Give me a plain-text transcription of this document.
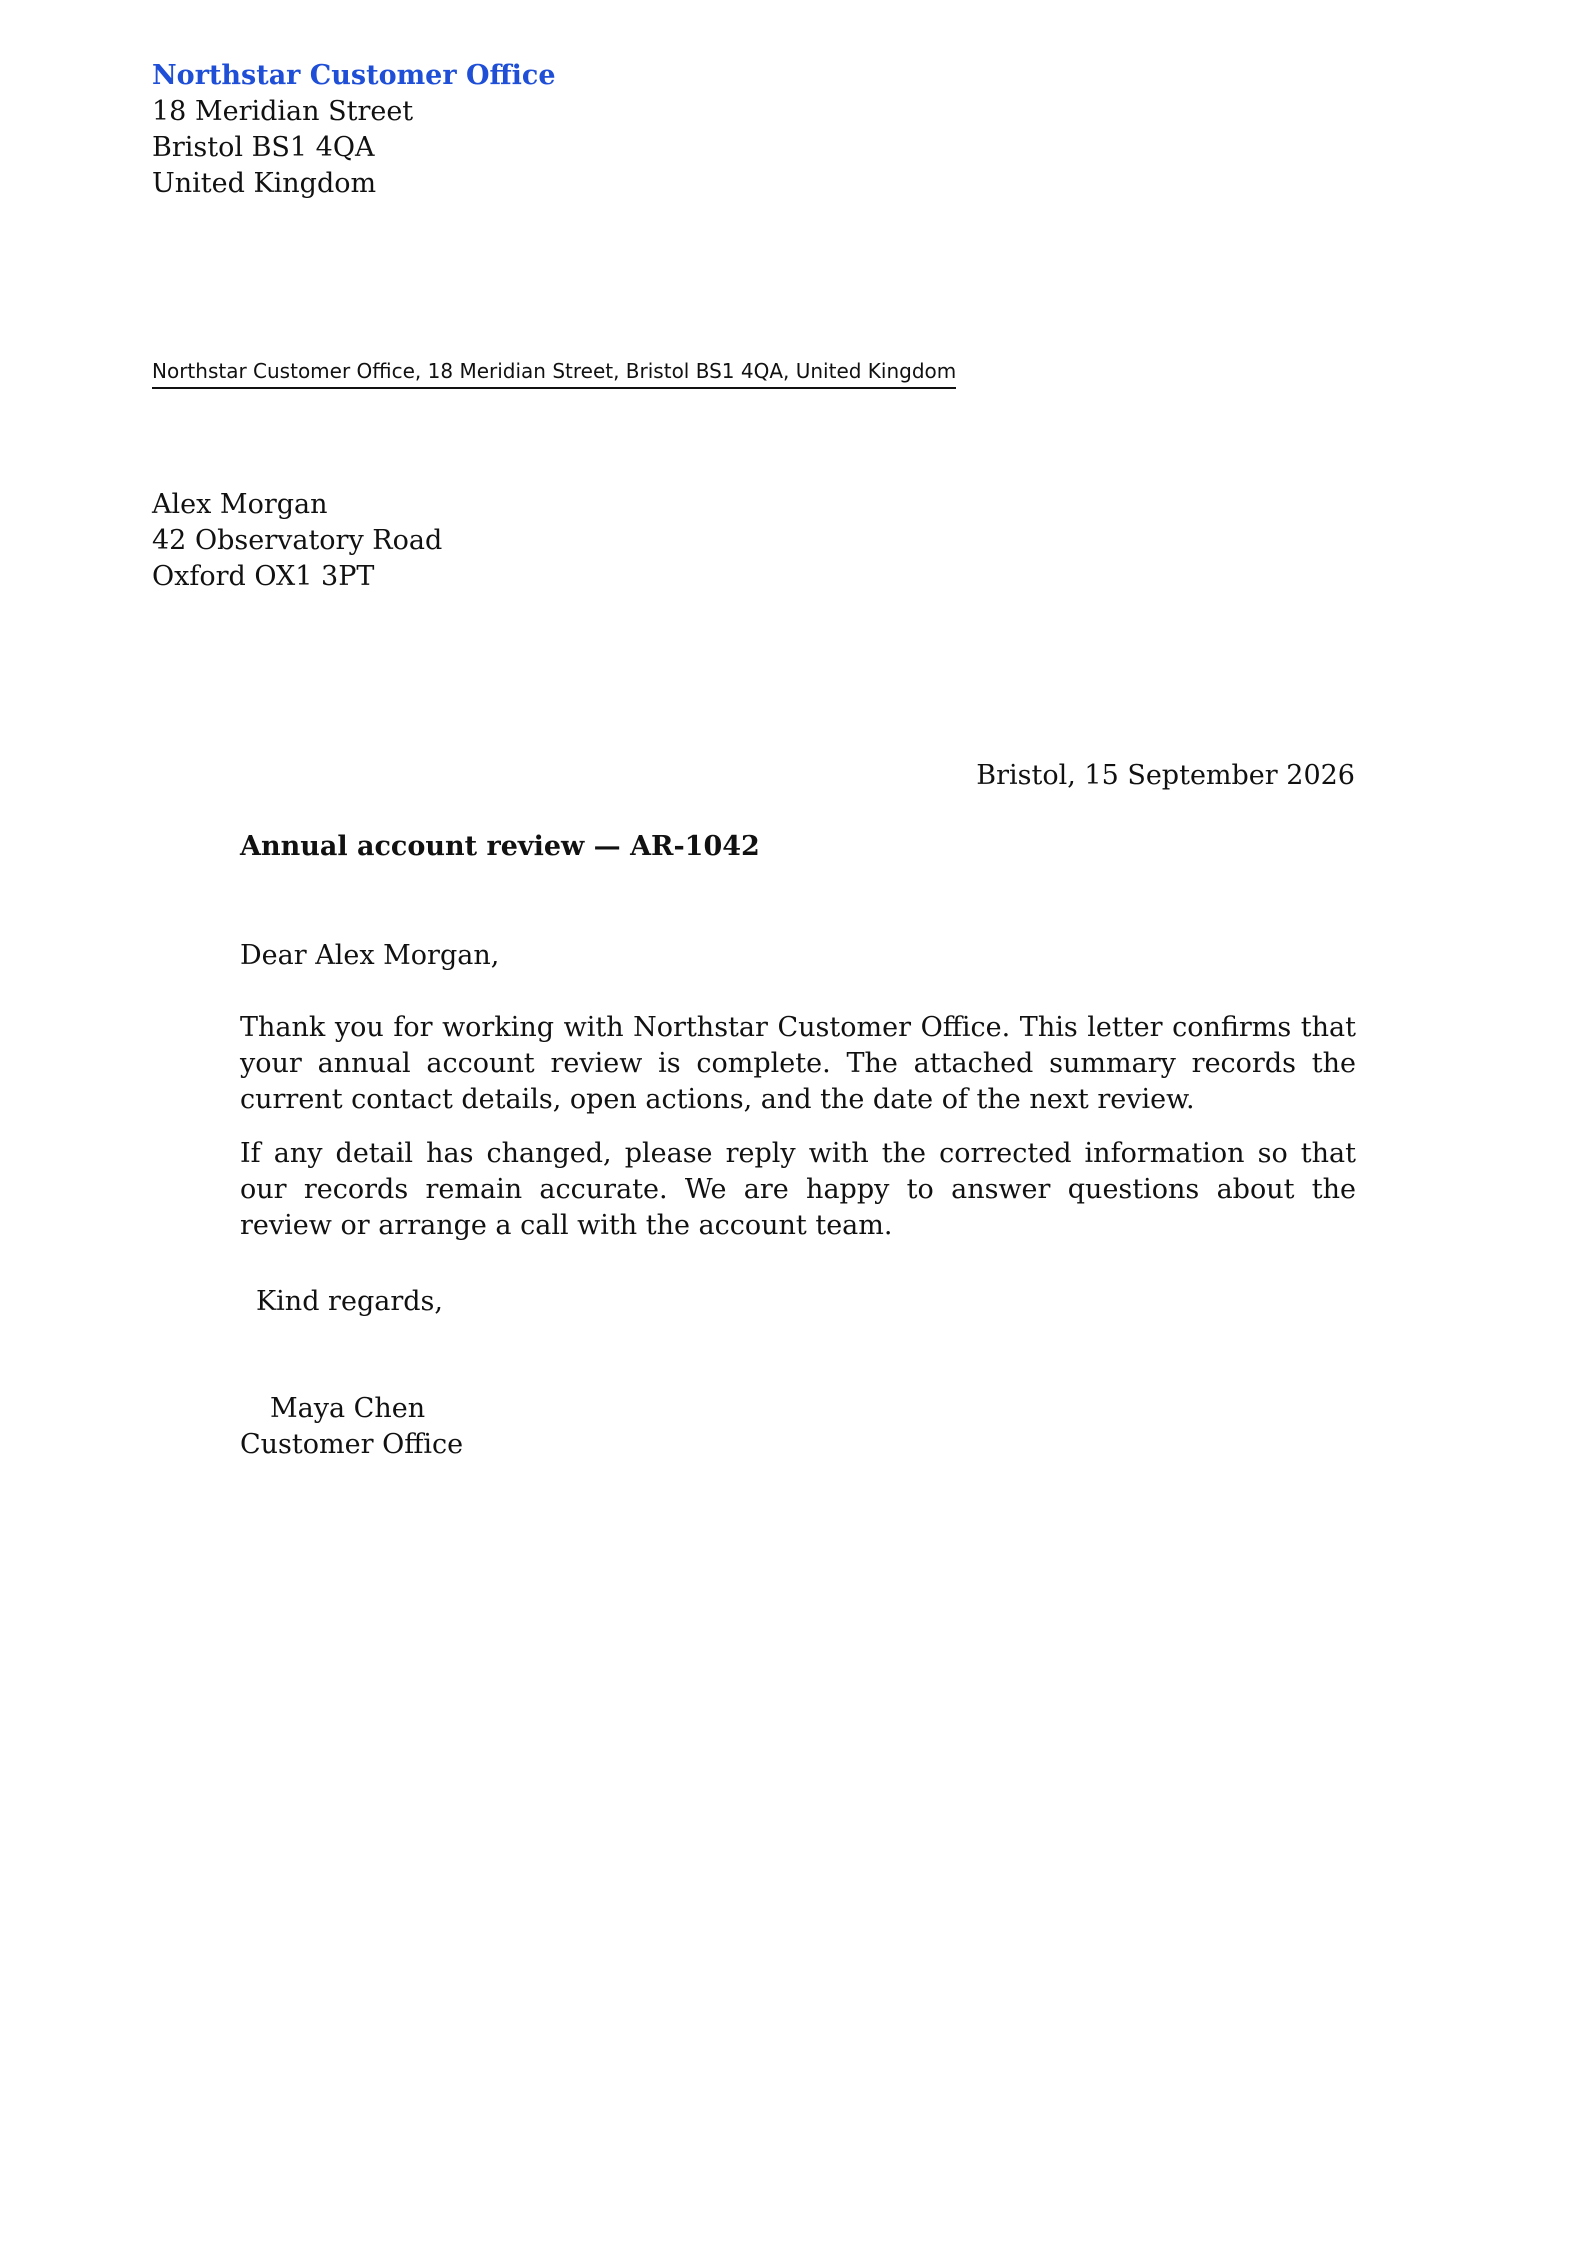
Northstar Customer Office
18 Meridian Street
Bristol BS1 4QA
United Kingdom
Northstar Customer Office, 18 Meridian Street, Bristol BS1 4QA, United Kingdom
Alex Morgan
42 Observatory Road
Oxford OX1 3PT
Bristol, 15 September 2026
Annual account review — AR-1042

Dear Alex Morgan,

Thank you for working with Northstar Customer Office. This letter confirms that your annual account review is complete. The attached summary records the current contact details, open actions, and the date of the next review.

If any detail has changed, please reply with the corrected information so that our records remain accurate. We are happy to answer questions about the review or arrange a call with the account team.

Kind regards,
Maya Chen
Customer Office
